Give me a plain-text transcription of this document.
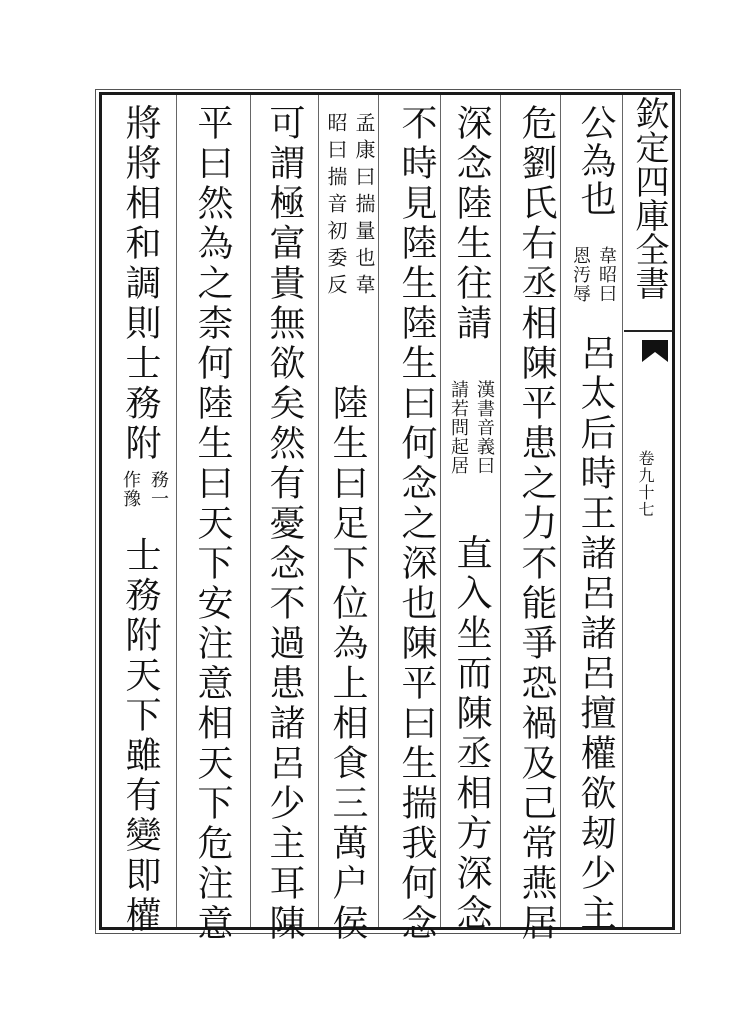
欽定四庫全書
卷九十七
公為也
韋昭曰
恩汚辱
呂太后時王諸呂諸呂擅權欲刼少主
危劉氏右丞相陳平患之力不能爭恐禍及己常燕居
深念陸生往請
漢書音義曰
請若問起居
直入坐而陳丞相方深念
不時見陸生陸生曰何念之深也陳平曰生揣我何念
孟康曰揣量也韋
昭曰揣音初委反
陸生曰足下位為上相食三萬户侯
可謂極富貴無欲矣然有憂念不過患諸呂少主耳陳
平曰然為之柰何陸生曰天下安注意相天下危注意
將將相和調則士務附
務一
作豫
士務附天下雖有變即權
